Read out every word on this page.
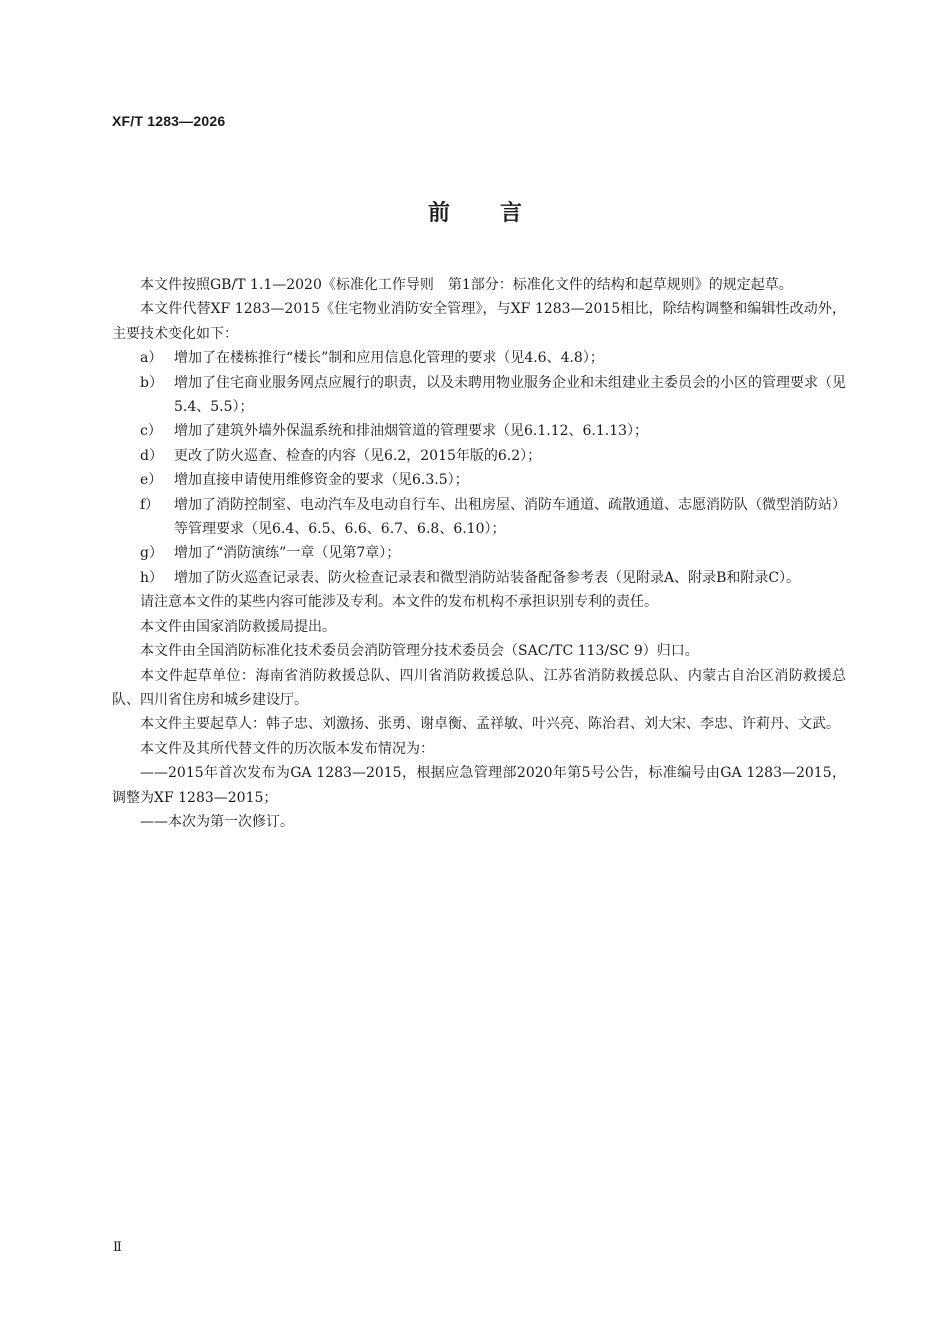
XF/T 1283—2026
前言

本文件按照GB/T 1.1—2020《标准化工作导则　第1部分：标准化文件的结构和起草规则》的规定起草。

本文件代替XF 1283—2015《住宅物业消防安全管理》，与XF 1283—2015相比，除结构调整和编辑性改动外，主要技术变化如下：

a） 增加了在楼栋推行“楼长”制和应用信息化管理的要求（见4.6、4.8）；
b） 增加了住宅商业服务网点应履行的职责，以及未聘用物业服务企业和未组建业主委员会的小区的管理要求（见5.4、5.5）；
c） 增加了建筑外墙外保温系统和排油烟管道的管理要求（见6.1.12、6.1.13）；
d） 更改了防火巡查、检查的内容（见6.2，2015年版的6.2）；
e） 增加直接申请使用维修资金的要求（见6.3.5）；
f）	增加了消防控制室、电动汽车及电动自行车、出租房屋、消防车通道、疏散通道、志愿消防队（微型消防站）等管理要求（见6.4、6.5、6.6、6.7、6.8、6.10）；
g） 增加了“消防演练”一章（见第7章）；
h） 增加了防火巡查记录表、防火检查记录表和微型消防站装备配备参考表（见附录A、附录B和附录C）。

请注意本文件的某些内容可能涉及专利。本文件的发布机构不承担识别专利的责任。

本文件由国家消防救援局提出。

本文件由全国消防标准化技术委员会消防管理分技术委员会（SAC/TC 113/SC 9）归口。

本文件起草单位：海南省消防救援总队、四川省消防救援总队、江苏省消防救援总队、内蒙古自治区消防救援总队、四川省住房和城乡建设厅。

本文件主要起草人：韩子忠、刘激扬、张勇、谢卓衡、孟祥敏、叶兴亮、陈治君、刘大宋、李忠、许莉丹、文武。

本文件及其所代替文件的历次版本发布情况为：

——2015年首次发布为GA 1283—2015，根据应急管理部2020年第5号公告，标准编号由GA 1283—2015，调整为XF 1283—2015；

——本次为第一次修订。

Ⅱ
